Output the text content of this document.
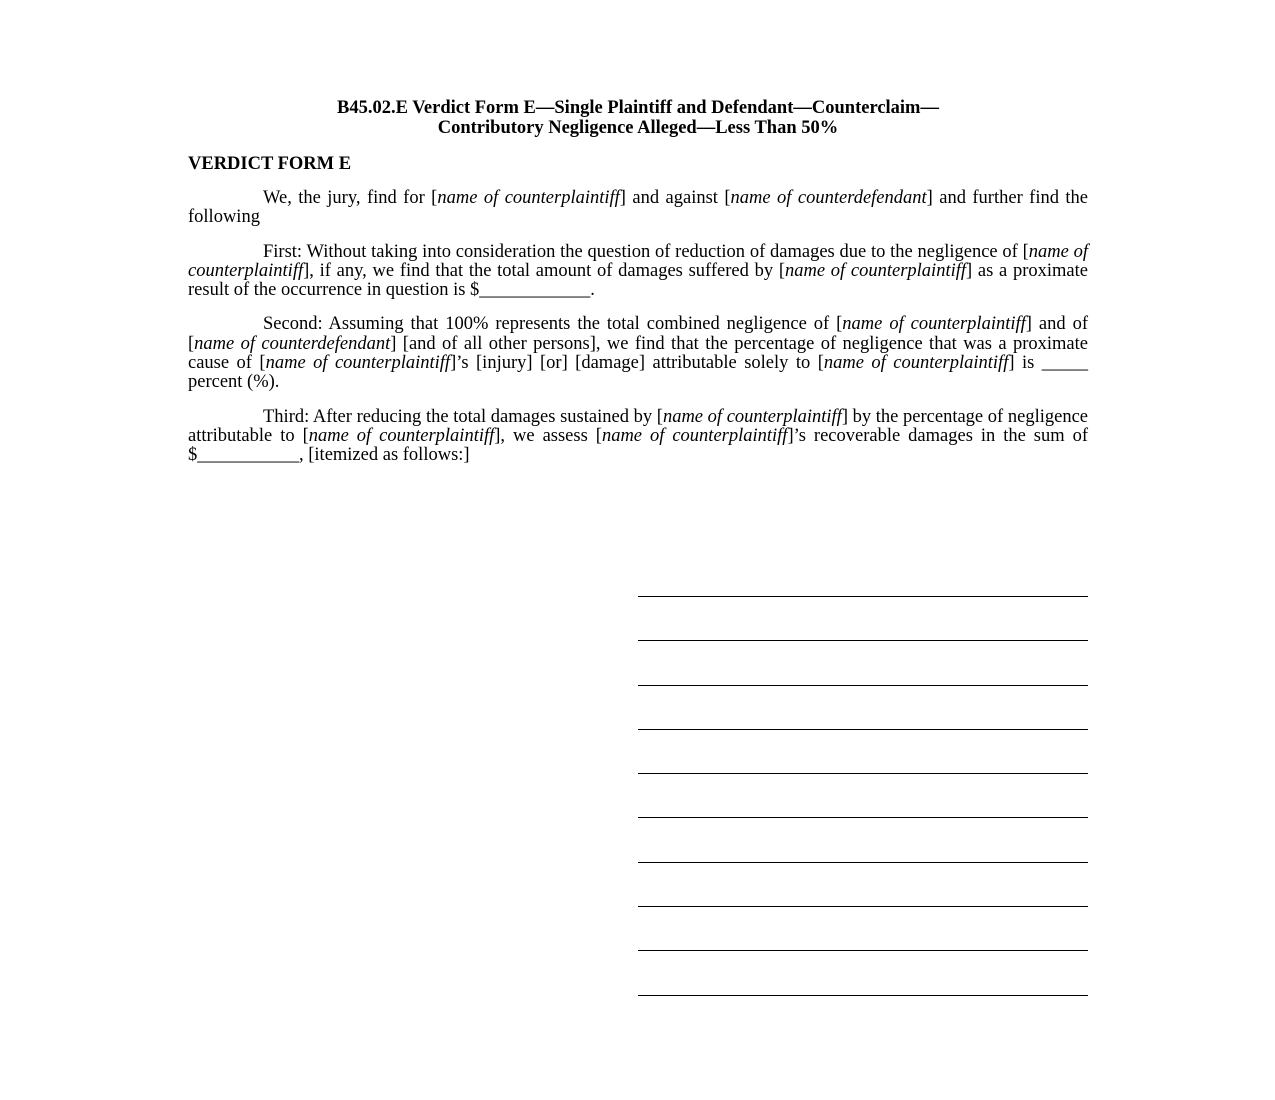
B45.02.E Verdict Form E—Single Plaintiff and Defendant—Counterclaim—
Contributory Negligence Alleged—Less Than 50%

VERDICT FORM E

We, the jury, find for [name of counterplaintiff] and against [name of counterdefendant] and further find the following

First: Without taking into consideration the question of reduction of damages due to the negligence of [name of counterplaintiff], if any, we find that the total amount of damages suffered by [name of counterplaintiff] as a proximate result of the occurrence in question is $____________.

Second: Assuming that 100% represents the total combined negligence of [name of counterplaintiff] and of [name of counterdefendant] [and of all other persons], we find that the percentage of negligence that was a proximate cause of [name of counterplaintiff]’s [injury] [or] [damage] attributable solely to [name of counterplaintiff] is _____ percent (%).

Third: After reducing the total damages sustained by [name of counterplaintiff] by the percentage of negligence attributable to [name of counterplaintiff], we assess [name of counterplaintiff]’s recoverable damages in the sum of $___________, [itemized as follows:]
